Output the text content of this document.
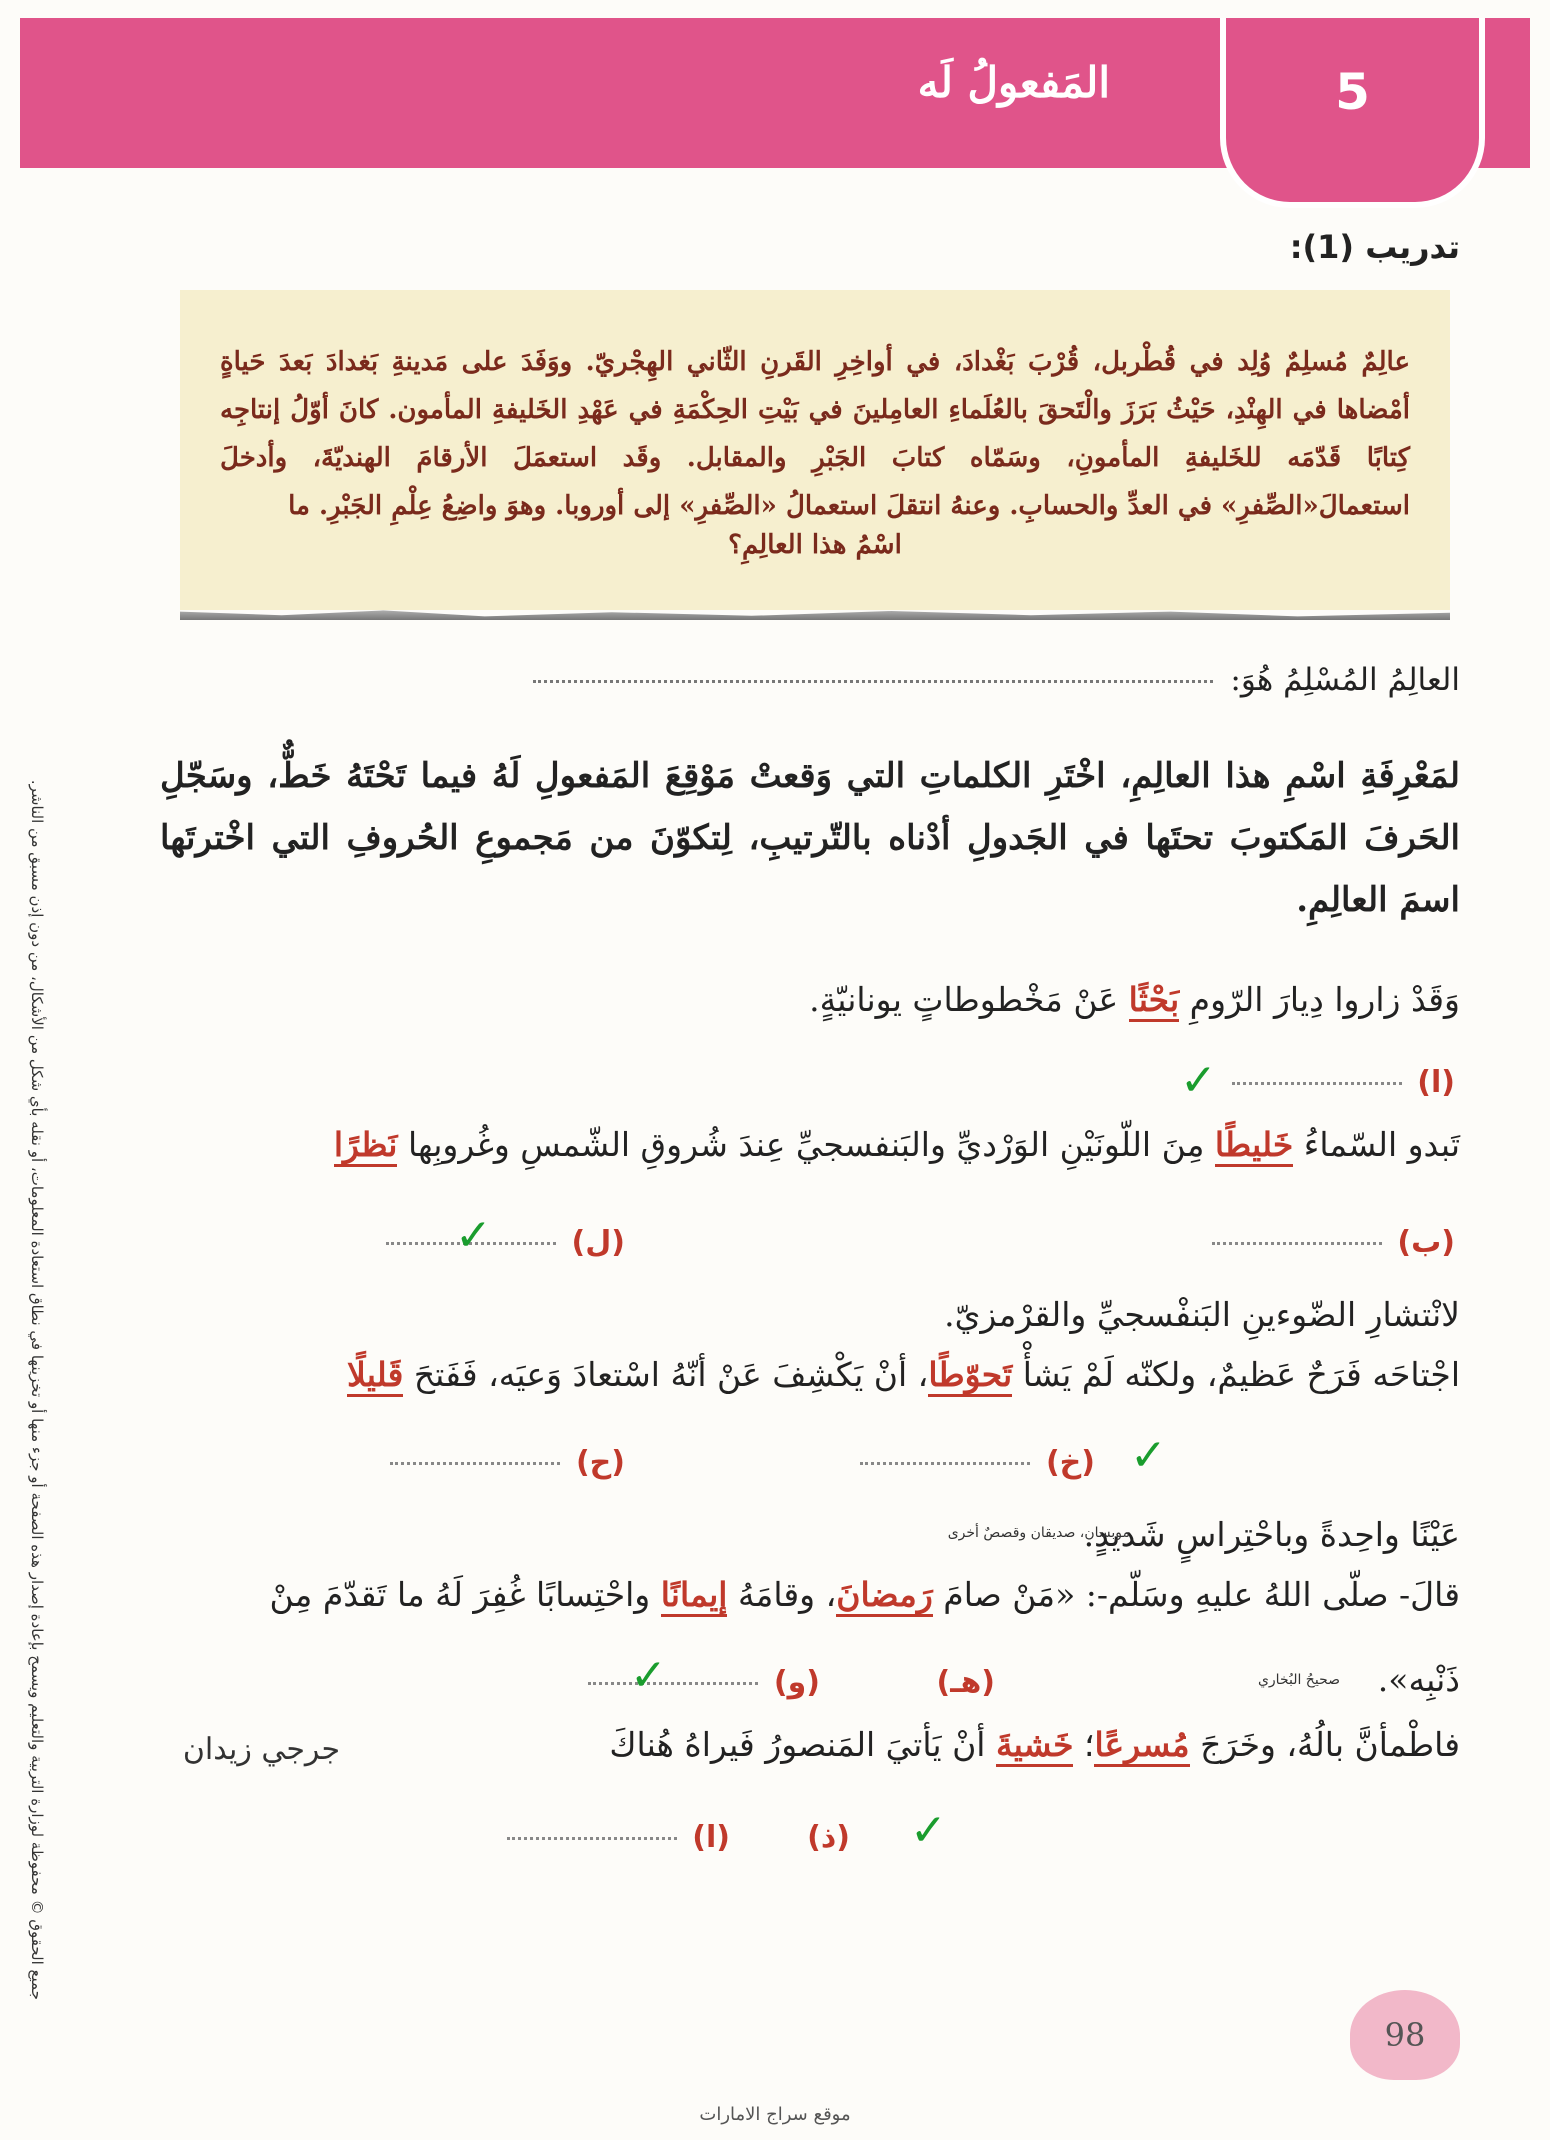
المَفعولُ لَه	5
جميع الحقوق © محفوظة لوزارة التربية والتعليم ويسمح بإعادة إصدار هذه الصفحة أو جزء منها أو تخزينها في نطاق استعادة المعلومات، أو نقله بأي شكل من الأشكال، من دون إذن مسبق من الناشر.
تدريب (1):
عالِمٌ مُسلِمٌ وُلِد في قُطْربل، قُرْبَ بَغْدادَ، في أواخِرِ القَرنِ الثّاني الهِجْريّ. ووَفَدَ على مَدينةِ بَغدادَ بَعدَ حَياةٍ أمْضاها في الهِنْدِ، حَيْثُ بَرَزَ والْتَحقَ بالعُلَماءِ العامِلينَ في بَيْتِ الحِكْمَةِ في عَهْدِ الخَليفةِ المأمون. كانَ أوّلُ إنتاجِه كِتابًا قَدّمَه للخَليفةِ المأمونِ، وسَمّاه كتابَ الجَبْرِ والمقابل. وقَد استعمَلَ الأرقامَ الهنديّةَ، وأدخلَ استعمالَ«الصِّفرِ» في العدِّ والحسابِ. وعنهُ انتقلَ استعمالُ «الصِّفرِ» إلى أوروبا. وهوَ واضِعُ عِلْمِ الجَبْرِ. ما
اسْمُ هذا العالِمِ؟
العالِمُ المُسْلِمُ هُوَ:
لمَعْرِفَةِ اسْمِ هذا العالِمِ، اخْتَرِ الكلماتِ التي وَقعتْ مَوْقِعَ المَفعولِ لَهُ فيما تَحْتَهُ خَطٌّ، وسَجّلِ الحَرفَ المَكتوبَ تحتَها في الجَدولِ أدْناه بالتّرتيبِ، لِتكوّنَ من مَجموعِ الحُروفِ التي اخْترتَها اسمَ العالِمِ.
وَقَدْ زاروا دِيارَ الرّومِ بَحْثًا عَنْ مَخْطوطاتٍ يونانيّةٍ.
(ا)
✓
تَبدو السّماءُ خَليطًا مِنَ اللّونَيْنِ الوَرْديِّ والبَنفسجيِّ عِندَ شُروقِ الشّمسِ وغُروبِها نَظرًا
(ب)
(ل)
✓
لانْتشارِ الضّوءينِ البَنفْسجيِّ والقرْمزيّ.
اجْتاحَه فَرَحٌ عَظيمٌ، ولكنّه لَمْ يَشأْ تَحوّطًا، أنْ يَكْشِفَ عَنْ أنّهُ اسْتعادَ وَعيَه، فَفَتحَ قَليلًا
(خ)
(ح)	✓
عَيْنًا واحِدةً وباحْتِراسٍ شَديدٍ.
موبسان، صديقان وقصصٌ أخرى
قالَ- صلّى اللهُ عليهِ وسَلّم-: «مَنْ صامَ رَمضانَ، وقامَهُ إيمانًا واحْتِسابًا غُفِرَ لَهُ ما تَقدّمَ مِنْ
ذَنْبِه».
صحيحُ البُخاري
(هـ)
(و)
✓
فاطْمأنَّ بالُهُ، وخَرَجَ مُسرعًا؛ خَشيةَ أنْ يَأتيَ المَنصورُ فَيراهُ هُناكَ
جرجي زيدان
(ذ)
(ا)	✓
98
موقع سراج الامارات
